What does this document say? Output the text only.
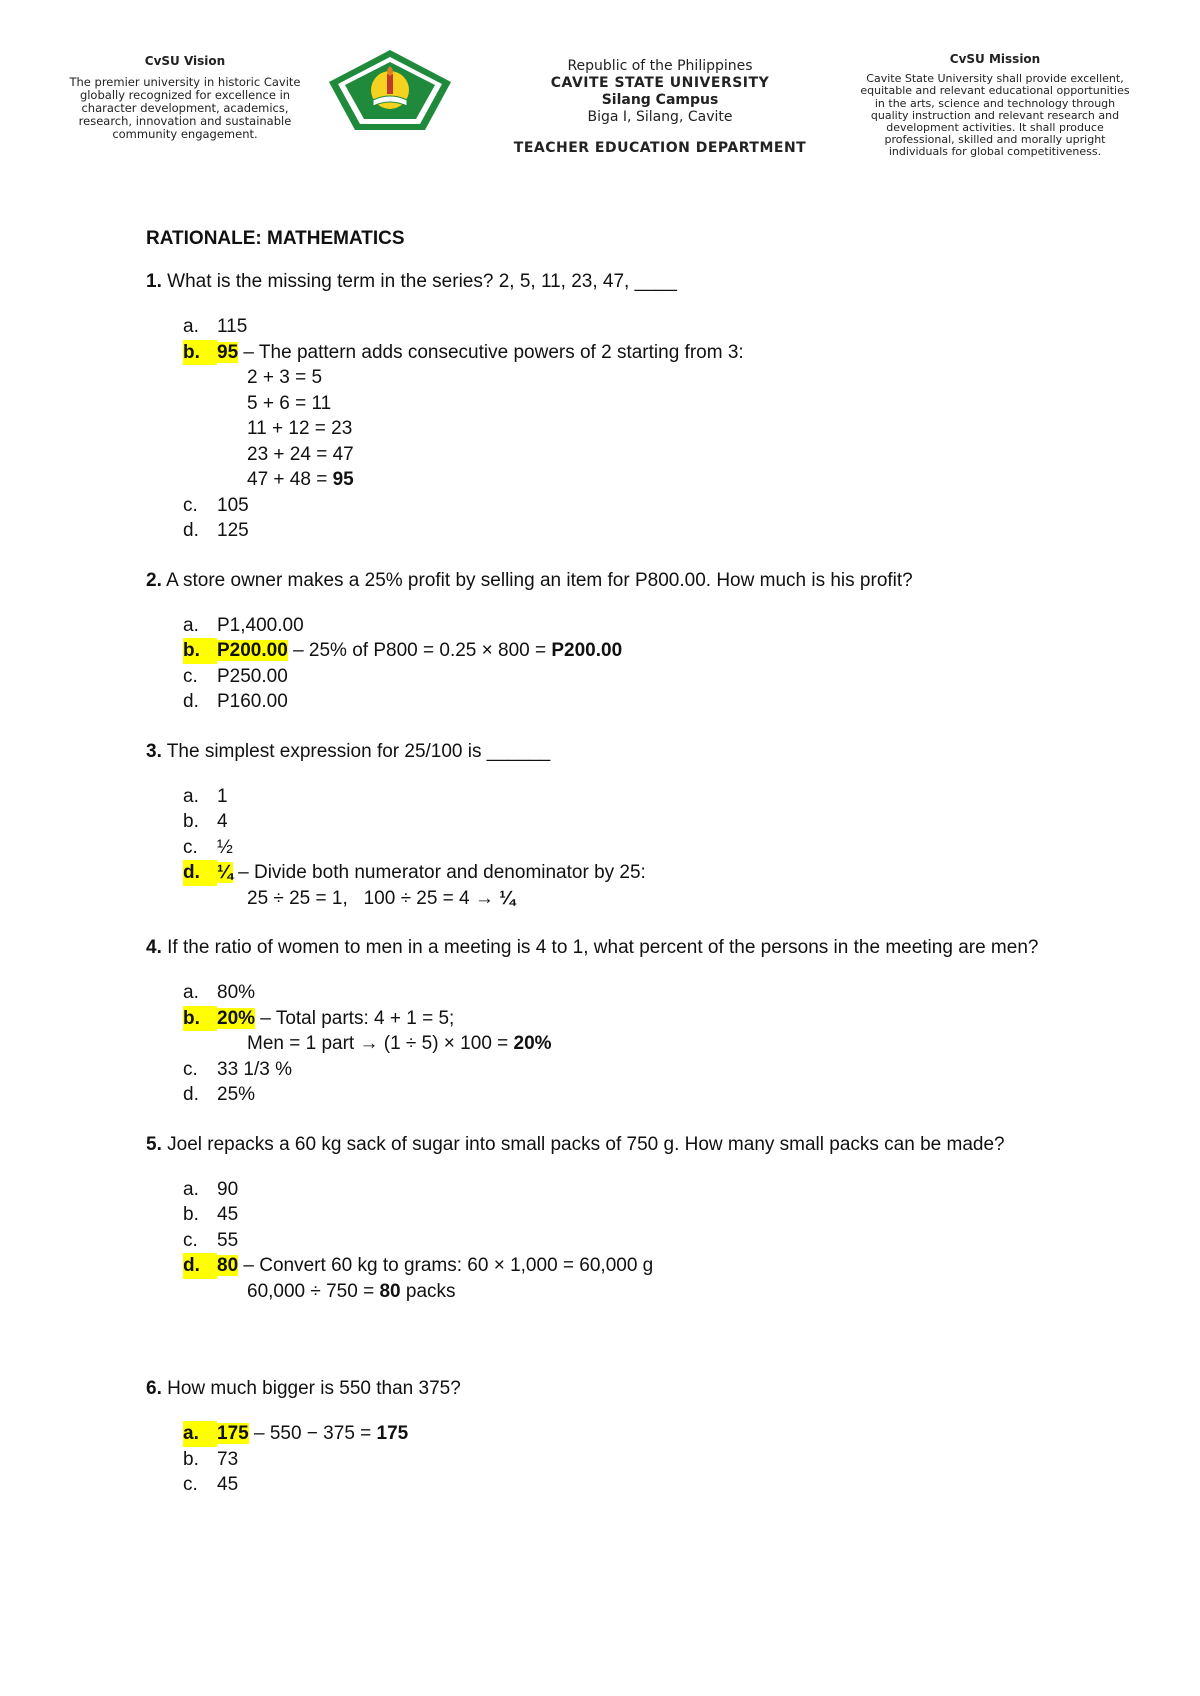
CvSU Vision
The premier university in historic Cavite globally recognized for excellence in character development, academics, research, innovation and sustainable community engagement.
Republic of the Philippines
CAVITE STATE UNIVERSITY
Silang Campus
Biga I, Silang, Cavite
TEACHER EDUCATION DEPARTMENT
CvSU Mission
Cavite State University shall provide excellent, equitable and relevant educational opportunities in the arts, science and technology through quality instruction and relevant research and development activities. It shall produce professional, skilled and morally upright individuals for global competitiveness.
RATIONALE: MATHEMATICS
1. What is the missing term in the series? 2, 5, 11, 23, 47, ____
a. 115
b. 95 – The pattern adds consecutive powers of 2 starting from 3:
2 + 3 = 5
5 + 6 = 11
11 + 12 = 23
23 + 24 = 47
47 + 48 = 95
c. 105
d. 125
2. A store owner makes a 25% profit by selling an item for P800.00. How much is his profit?
a. P1,400.00
b. P200.00 – 25% of P800 = 0.25 × 800 = P200.00
c. P250.00
d. P160.00
3. The simplest expression for 25/100 is ______
a. 1
b. 4
c. ½
d. ¼ – Divide both numerator and denominator by 25:
25 ÷ 25 = 1,   100 ÷ 25 = 4 → ¼
4. If the ratio of women to men in a meeting is 4 to 1, what percent of the persons in the meeting are men?
a. 80%
b. 20% – Total parts: 4 + 1 = 5;
Men = 1 part → (1 ÷ 5) × 100 = 20%
c. 33 1/3 %
d. 25%
5. Joel repacks a 60 kg sack of sugar into small packs of 750 g. How many small packs can be made?
a. 90
b. 45
c. 55
d. 80 – Convert 60 kg to grams: 60 × 1,000 = 60,000 g
60,000 ÷ 750 = 80 packs
6. How much bigger is 550 than 375?
a. 175 – 550 − 375 = 175
b. 73
c. 45
